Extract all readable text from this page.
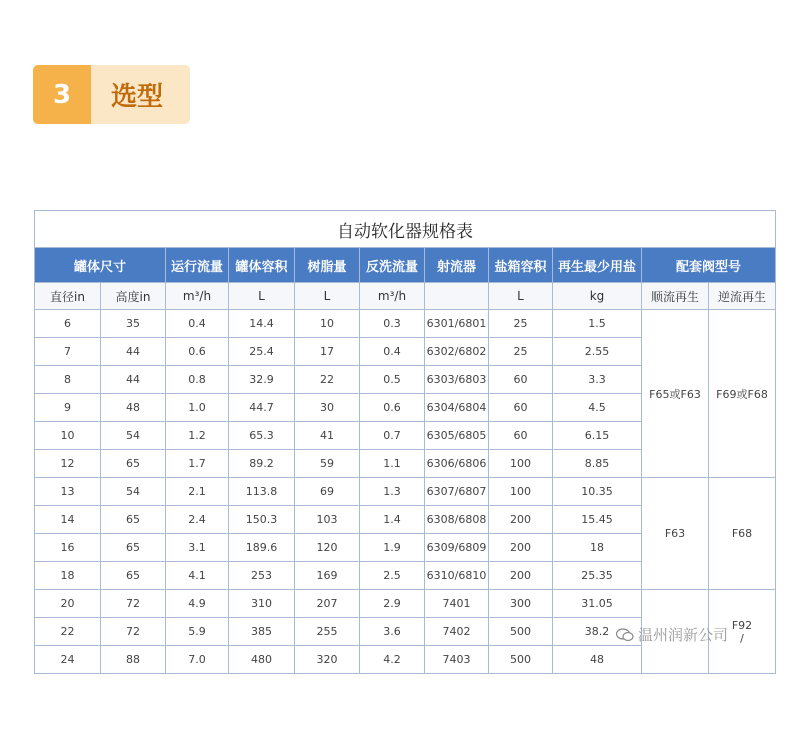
3	选型
自动软化器规格表										
罐体尺寸		运行流量	罐体容积	树脂量	反洗流量	射流器	盐箱容积	再生最少用盐	配套阀型号	
直径in	高度in	m³/h	L	L	m³/h		L	kg	顺流再生	逆流再生
6	35	0.4	14.4	10	0.3	6301/6801	25	1.5	F65或F63	F69或F68
7	44	0.6	25.4	17	0.4	6302/6802	25	2.55		
8	44	0.8	32.9	22	0.5	6303/6803	60	3.3		
9	48	1.0	44.7	30	0.6	6304/6804	60	4.5		
10	54	1.2	65.3	41	0.7	6305/6805	60	6.15		
12	65	1.7	89.2	59	1.1	6306/6806	100	8.85		
13	54	2.1	113.8	69	1.3	6307/6807	100	10.35	F63	F68
14	65	2.4	150.3	103	1.4	6308/6808	200	15.45		
16	65	3.1	189.6	120	1.9	6309/6809	200	18		
18	65	4.1	253	169	2.5	6310/6810	200	25.35		
20	72	4.9	310	207	2.9	7401	300	31.05		F92
/
22	72	5.9	385	255	3.6	7402	500	38.2		
24	88	7.0	480	320	4.2	7403	500	48		
温州润新公司
